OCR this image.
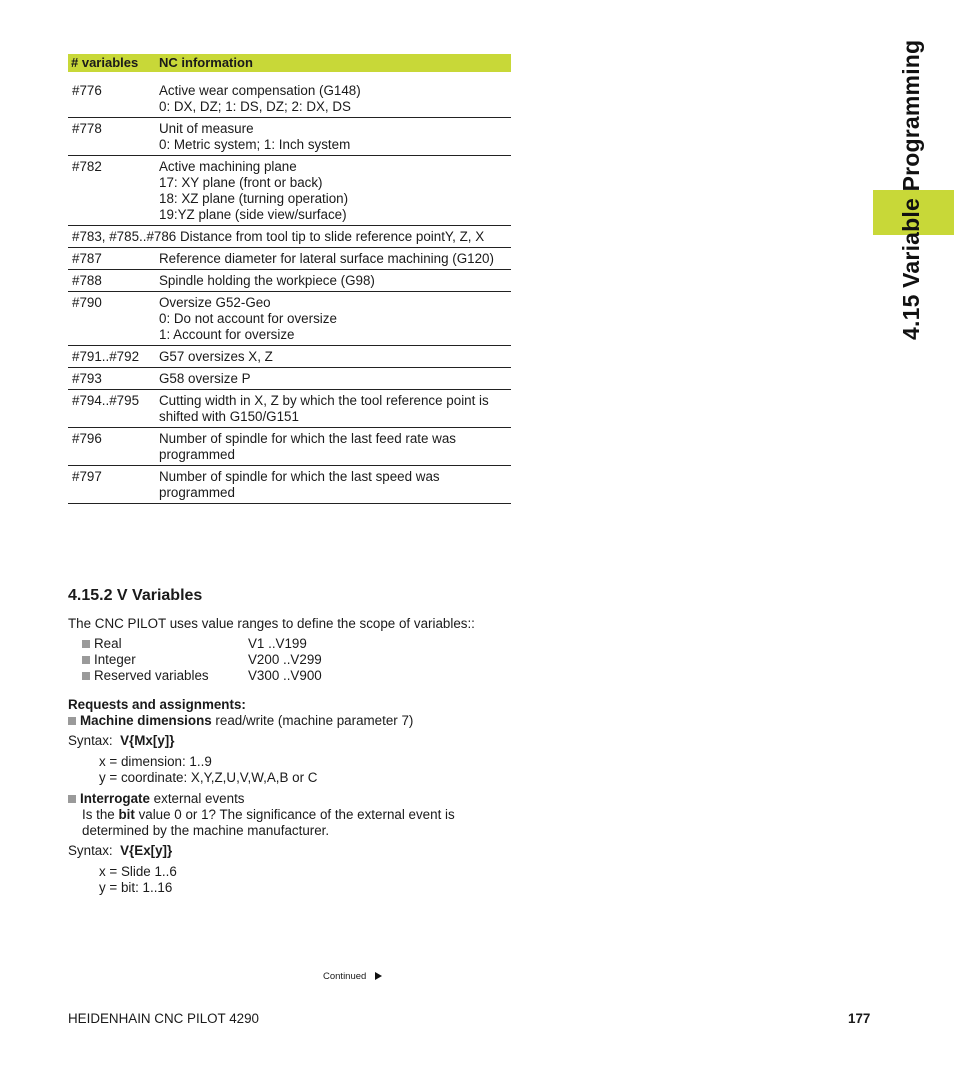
# variables	NC information
#776	Active wear compensation (G148)
0: DX, DZ; 1: DS, DZ; 2: DX, DS

#778	Unit of measure
0: Metric system; 1: Inch system

#782	Active machining plane
17: XY plane (front or back)
18: XZ plane (turning operation)
19:YZ plane (side view/surface)

#783, #785..#786 Distance from tool tip to slide reference pointY, Z, X	
#787	Reference diameter for lateral surface machining (G120)

#788	Spindle holding the workpiece (G98)

#790	Oversize G52-Geo
0: Do not account for oversize
1: Account for oversize

#791..#792	G57 oversizes X, Z

#793	G58 oversize P

#794..#795	Cutting width in X, Z by which the tool reference point is
shifted with G150/G151

#796	Number of spindle for which the last feed rate was
programmed

#797	Number of spindle for which the last speed was
programmed
4.15 Variable Programming
4.15.2 V Variables

The CNC PILOT uses value ranges to define the scope of variables::

Real	V1 ..V199
Integer	V200 ..V299
Reserved variables	V300 ..V900

Requests and assignments:

Machine dimensions read/write (machine parameter 7)

Syntax: V{Mx[y]}

x = dimension: 1..9

y = coordinate: X,Y,Z,U,V,W,A,B or C

Interrogate external events

Is the bit value 0 or 1? The significance of the external event is

determined by the machine manufacturer.

Syntax: V{Ex[y]}

x = Slide 1..6

y = bit: 1..16

Continued
HEIDENHAIN CNC PILOT 4290	177
